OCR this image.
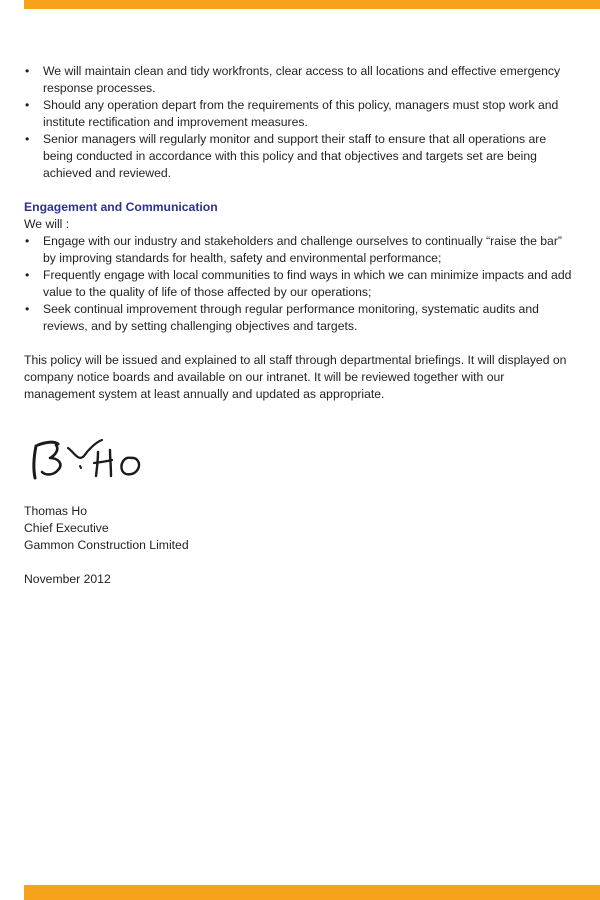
• We will maintain clean and tidy workfronts, clear access to all locations and effective emergency response processes.
• Should any operation depart from the requirements of this policy, managers must stop work and institute rectification and improvement measures.
• Senior managers will regularly monitor and support their staff to ensure that all operations are being conducted in accordance with this policy and that objectives and targets set are being achieved and reviewed.
Engagement and Communication
We will :
• Engage with our industry and stakeholders and challenge ourselves to continually “raise the bar” by improving standards for health, safety and environmental performance;
• Frequently engage with local communities to find ways in which we can minimize impacts and add value to the quality of life of those affected by our operations;
• Seek continual improvement through regular performance monitoring, systematic audits and reviews, and by setting challenging objectives and targets.
This policy will be issued and explained to all staff through departmental briefings. It will displayed on company notice boards and available on our intranet. It will be reviewed together with our management system at least annually and updated as appropriate.
Thomas Ho
Chief Executive
Gammon Construction Limited
November 2012
